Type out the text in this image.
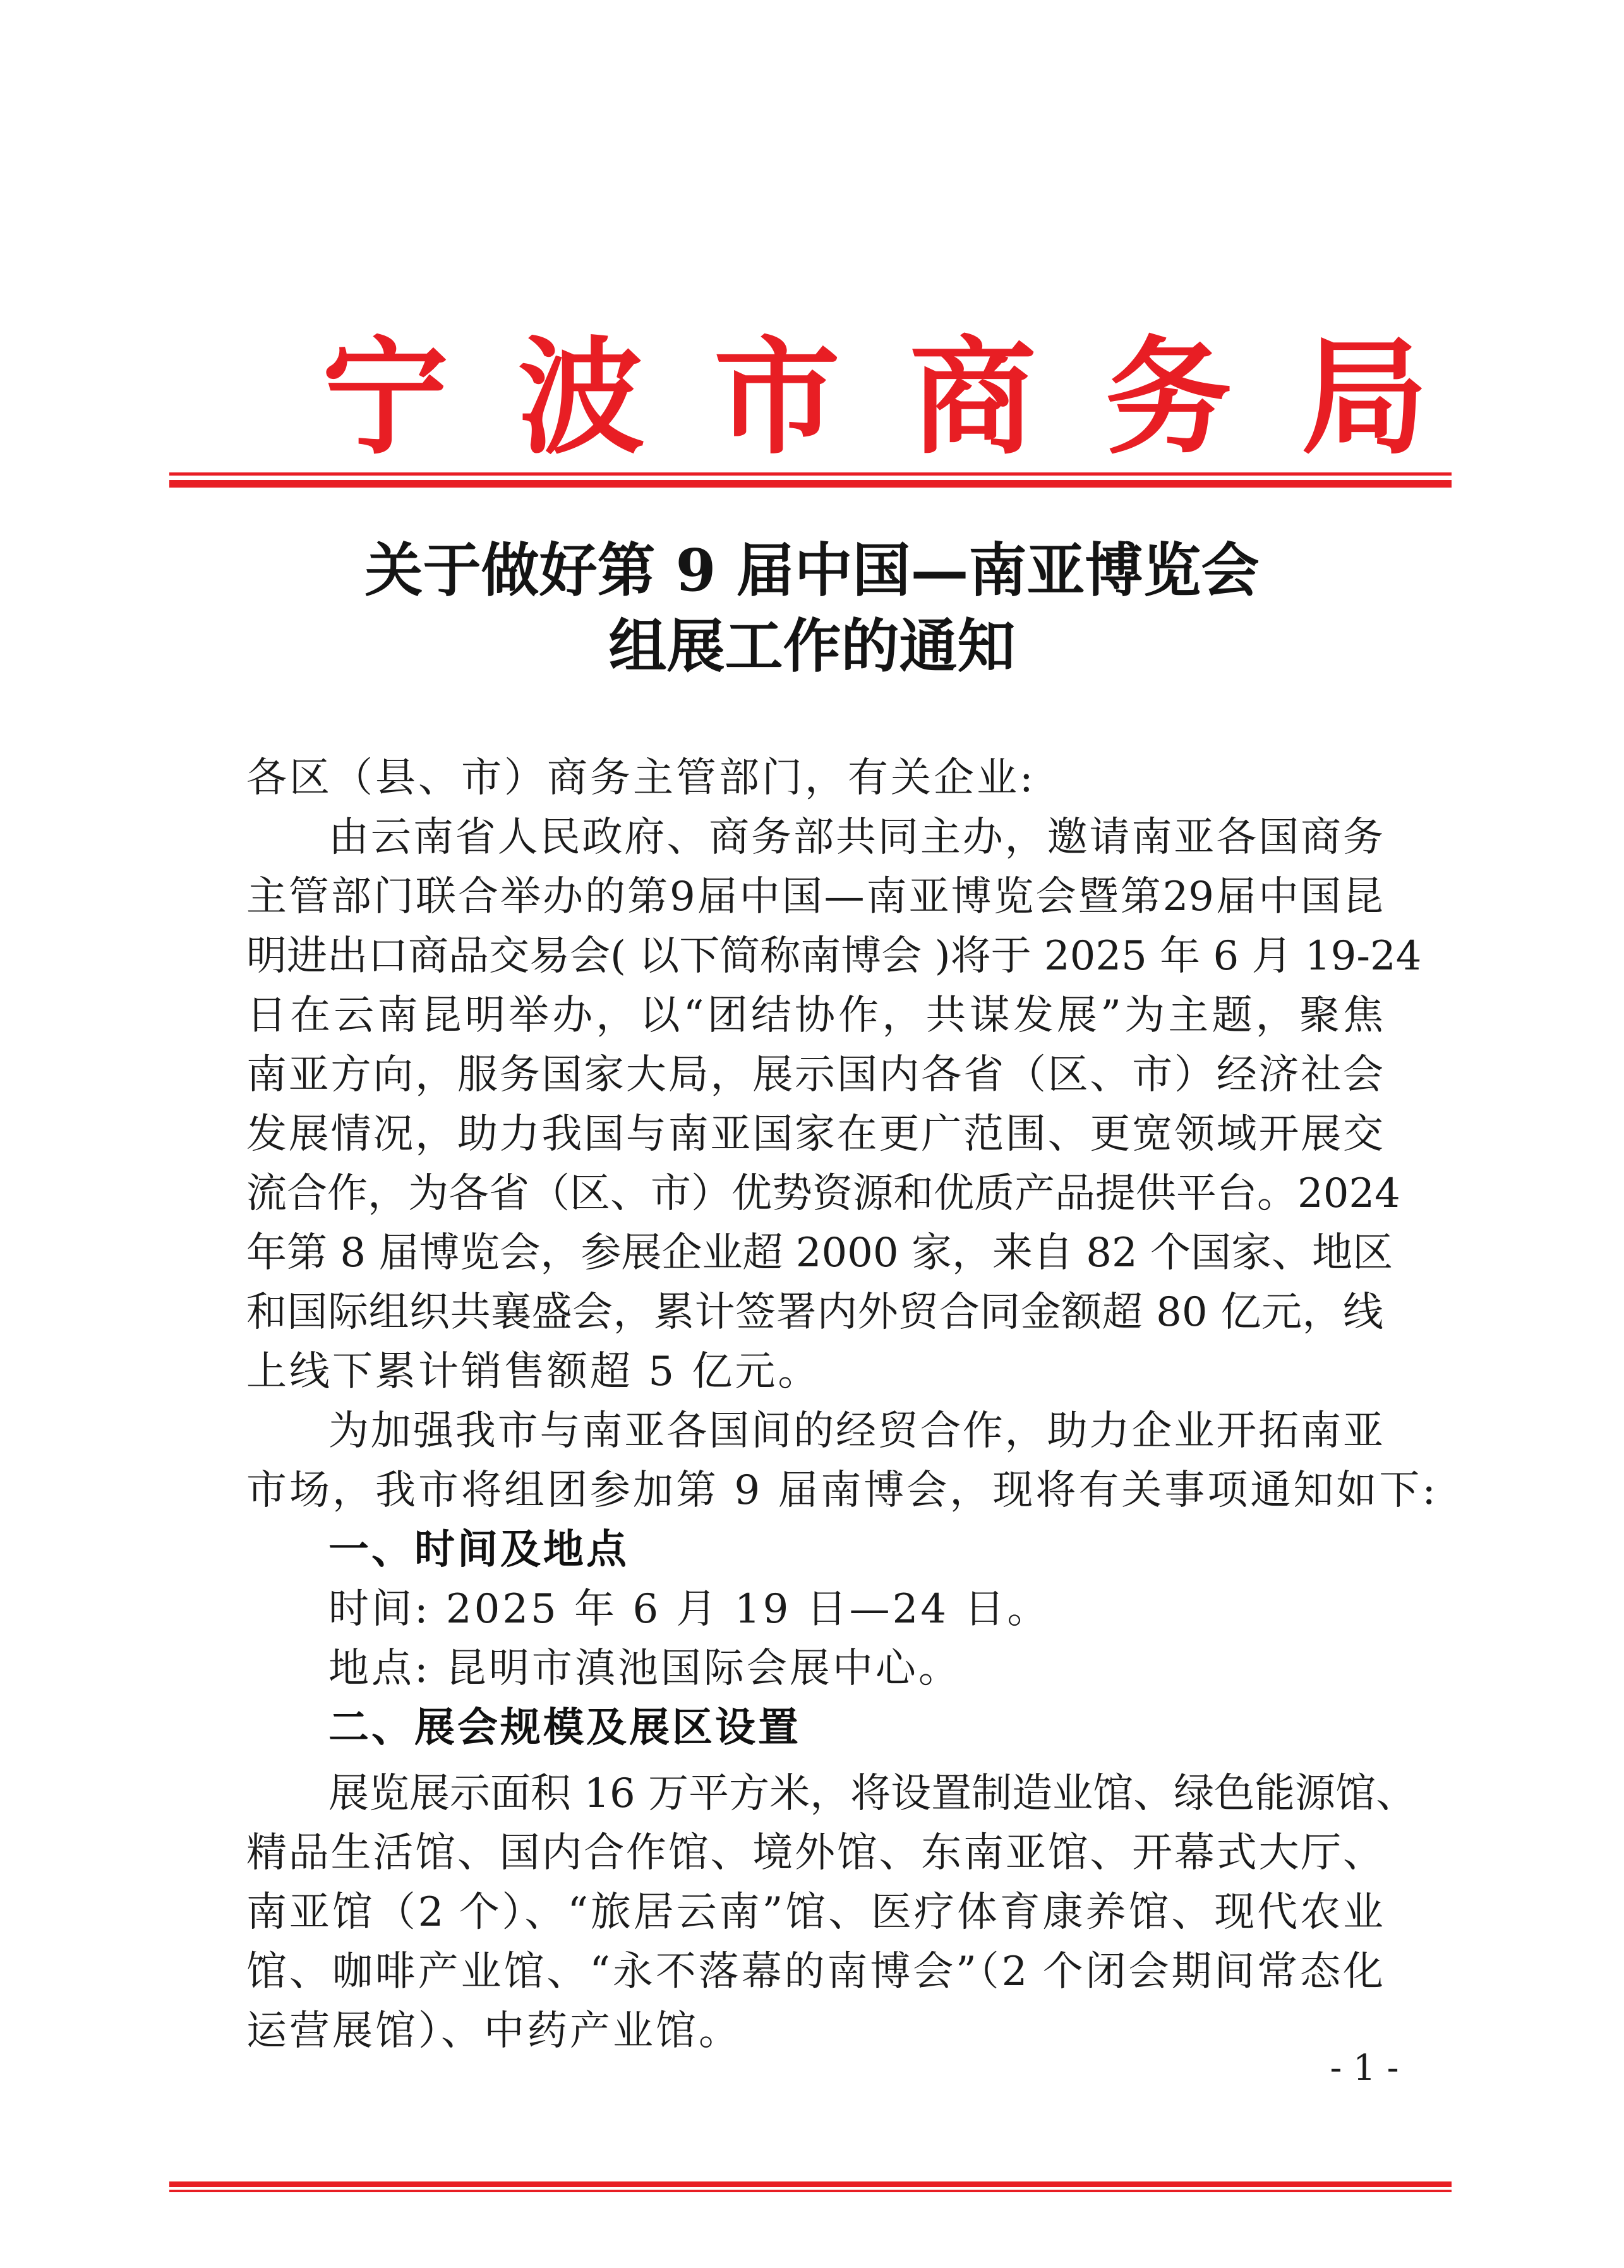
宁波市商务局
关于做好第 9 届中国—南亚博览会
组展工作的通知
各区（县、市）商务主管部门，有关企业:
由云南省人民政府、商务部共同主办，邀请南亚各国商务
主管部门联合举办的第9届中国—南亚博览会暨第29届中国昆
明进出口商品交易会( 以下简称南博会 )将于 2025 年 6 月 19-24
日在云南昆明举办，以“团结协作，共谋发展”为主题，聚焦
南亚方向，服务国家大局，展示国内各省（区、市）经济社会
发展情况，助力我国与南亚国家在更广范围、更宽领域开展交
流合作，为各省（区、市）优势资源和优质产品提供平台。2024
年第 8 届博览会，参展企业超 2000 家，来自 82 个国家、地区
和国际组织共襄盛会，累计签署内外贸合同金额超 80 亿元，线
上线下累计销售额超 5 亿元。
为加强我市与南亚各国间的经贸合作，助力企业开拓南亚
市场，我市将组团参加第 9 届南博会，现将有关事项通知如下:
一、时间及地点
时间: 2025 年 6 月 19 日—24 日。
地点: 昆明市滇池国际会展中心。
二、展会规模及展区设置
展览展示面积 16 万平方米，将设置制造业馆、绿色能源馆、
精品生活馆、国内合作馆、境外馆、东南亚馆、开幕式大厅、
南亚馆（2 个）、“旅居云南”馆、医疗体育康养馆、现代农业
馆、咖啡产业馆、“永不落幕的南博会”（2 个闭会期间常态化
运营展馆）、中药产业馆。
- 1 -
